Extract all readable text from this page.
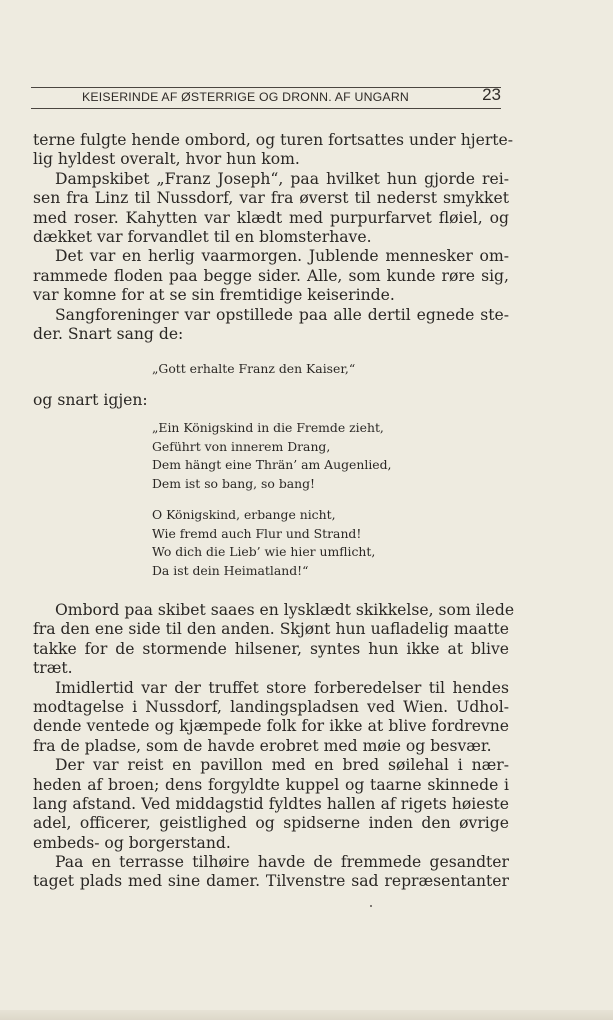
KEISERINDE AF ØSTERRIGE OG DRONN. AF UNGARN	23
terne fulgte hende ombord, og turen fortsattes under hjerte-
lig hyldest overalt, hvor hun kom.
Dampskibet „Franz Joseph“, paa hvilket hun gjorde rei-
sen fra Linz til Nussdorf, var fra øverst til nederst smykket
med roser. Kahytten var klædt med purpurfarvet fløiel, og
dækket var forvandlet til en blomsterhave.
Det var en herlig vaarmorgen. Jublende mennesker om-
rammede floden paa begge sider. Alle, som kunde røre sig,
var komne for at se sin fremtidige keiserinde.
Sangforeninger var opstillede paa alle dertil egnede ste-
der. Snart sang de:
„Gott erhalte Franz den Kaiser,“
og snart igjen:
„Ein Königskind in die Fremde zieht,
Geführt von innerem Drang,
Dem hängt eine Thrän’ am Augenlied,
Dem ist so bang, so bang!
O Königskind, erbange nicht,
Wie fremd auch Flur und Strand!
Wo dich die Lieb’ wie hier umflicht,
Da ist dein Heimatland!“
Ombord paa skibet saaes en lysklædt skikkelse, som ilede
fra den ene side til den anden. Skjønt hun uafladelig maatte
takke for de stormende hilsener, syntes hun ikke at blive
træt.
Imidlertid var der truffet store forberedelser til hendes
modtagelse i Nussdorf, landingspladsen ved Wien. Udhol-
dende ventede og kjæmpede folk for ikke at blive fordrevne
fra de pladse, som de havde erobret med møie og besvær.
Der var reist en pavillon med en bred søilehal i nær-
heden af broen; dens forgyldte kuppel og taarne skinnede i
lang afstand. Ved middagstid fyldtes hallen af rigets høieste
adel, officerer, geistlighed og spidserne inden den øvrige
embeds- og borgerstand.
Paa en terrasse tilhøire havde de fremmede gesandter
taget plads med sine damer. Tilvenstre sad repræsentanter
